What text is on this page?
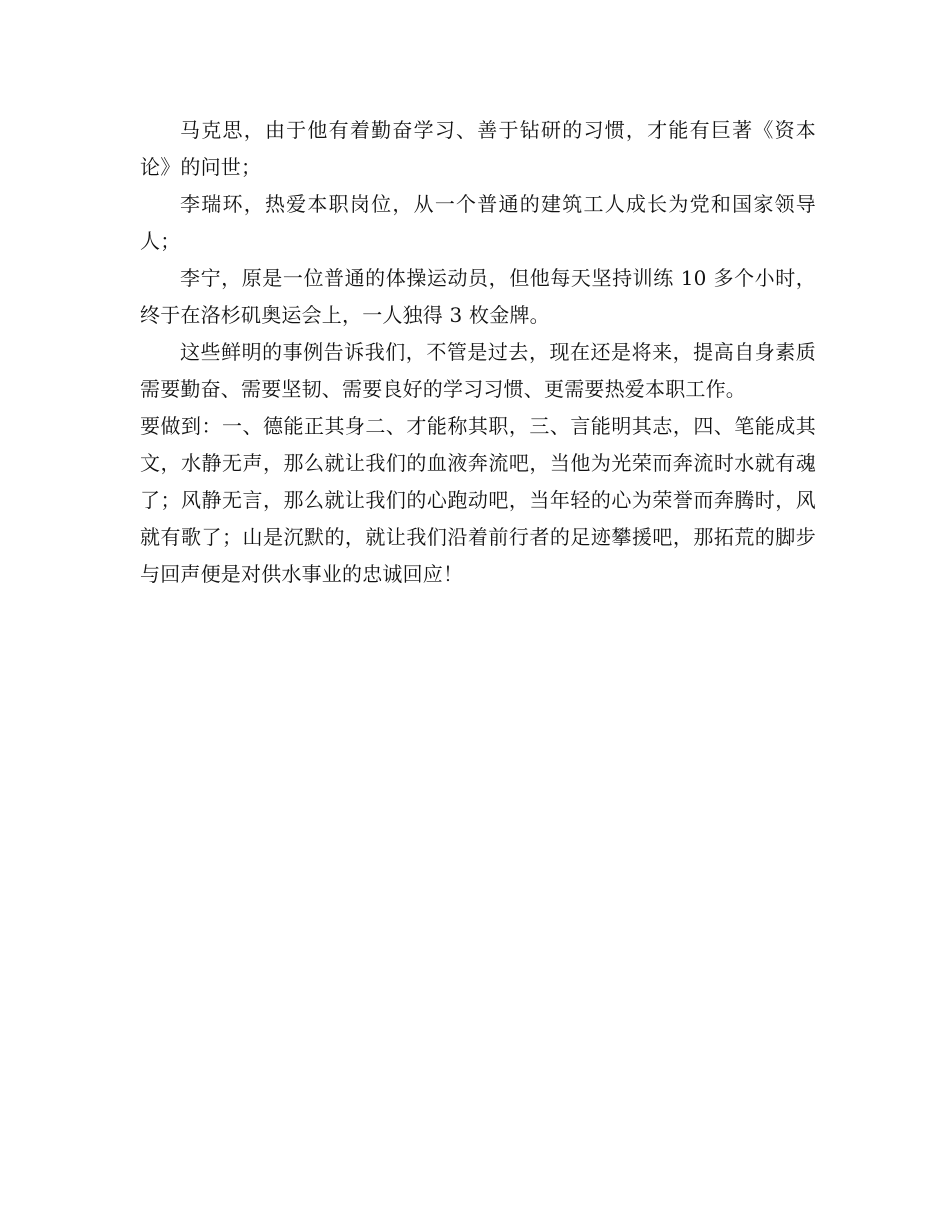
马克思，由于他有着勤奋学习、善于钻研的习惯，才能有巨著《资本论》的问世；

李瑞环，热爱本职岗位，从一个普通的建筑工人成长为党和国家领导人；

李宁，原是一位普通的体操运动员，但他每天坚持训练 10 多个小时，终于在洛杉矶奥运会上，一人独得 3 枚金牌。

这些鲜明的事例告诉我们，不管是过去，现在还是将来，提高自身素质需要勤奋、需要坚韧、需要良好的学习习惯、更需要热爱本职工作。

要做到：一、德能正其身二、才能称其职，三、言能明其志，四、笔能成其文，水静无声，那么就让我们的血液奔流吧，当他为光荣而奔流时水就有魂了；风静无言，那么就让我们的心跑动吧，当年轻的心为荣誉而奔腾时，风就有歌了；山是沉默的，就让我们沿着前行者的足迹攀援吧，那拓荒的脚步与回声便是对供水事业的忠诚回应！
